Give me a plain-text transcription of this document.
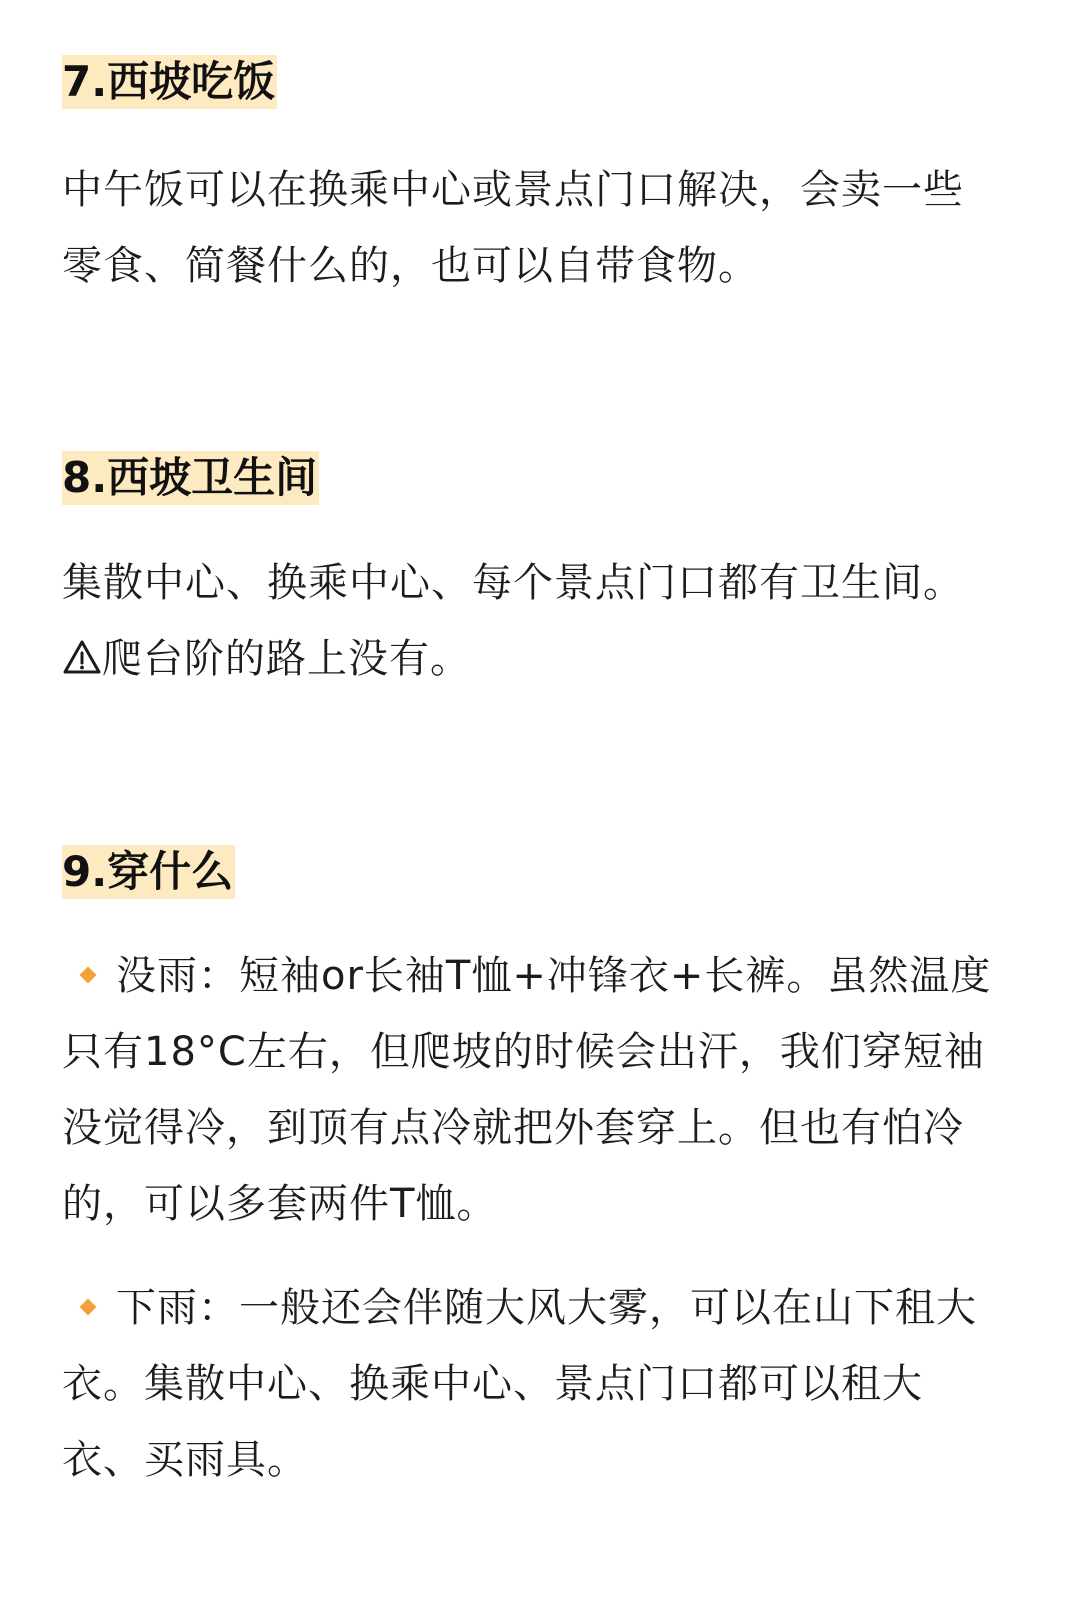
7.西坡吃饭

中午饭可以在换乘中心或景点门口解决，会卖一些
零食、简餐什么的，也可以自带食物。

8.西坡卫生间

集散中心、换乘中心、每个景点门口都有卫生间。
爬台阶的路上没有。

9.穿什么

没雨：短袖or长袖T恤+冲锋衣+长裤。虽然温度
只有18°C左右，但爬坡的时候会出汗，我们穿短袖
没觉得冷，到顶有点冷就把外套穿上。但也有怕冷
的，可以多套两件T恤。

下雨：一般还会伴随大风大雾，可以在山下租大
衣。集散中心、换乘中心、景点门口都可以租大
衣、买雨具。
